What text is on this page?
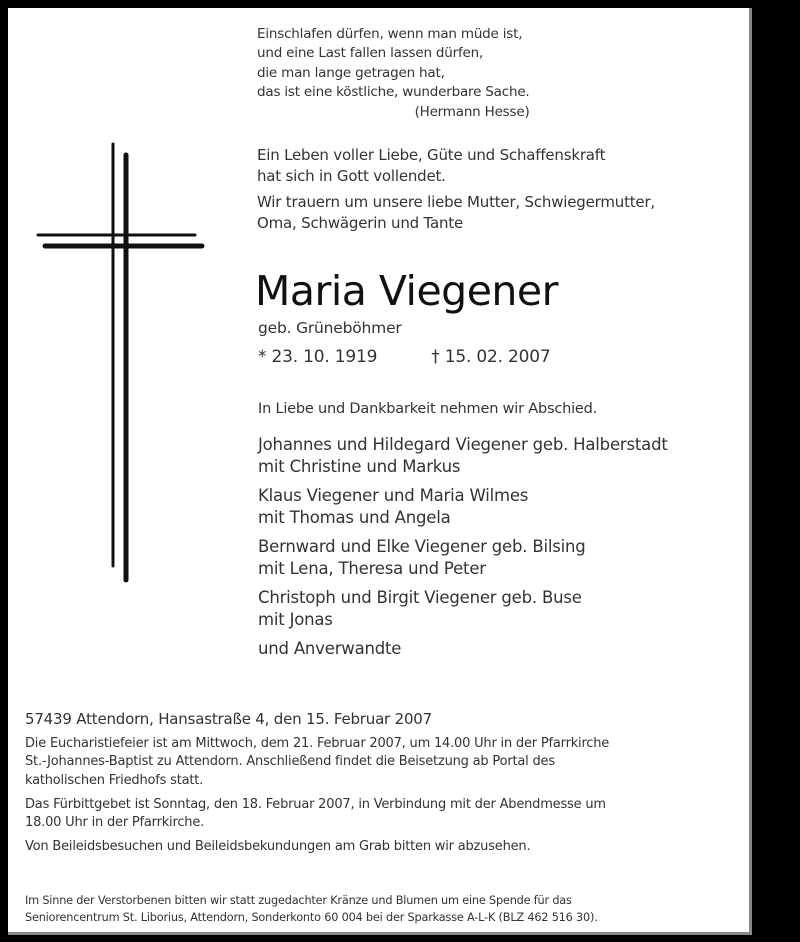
Einschlafen dürfen, wenn man müde ist,
und eine Last fallen lassen dürfen,
die man lange getragen hat,
das ist eine köstliche, wunderbare Sache.
(Hermann Hesse)

Ein Leben voller Liebe, Güte und Schaffenskraft
hat sich in Gott vollendet.

Wir trauern um unsere liebe Mutter, Schwiegermutter,
Oma, Schwägerin und Tante

Maria Viegener
geb. Grüneböhmer
* 23. 10. 1919	† 15. 02. 2007
In Liebe und Dankbarkeit nehmen wir Abschied.
Johannes und Hildegard Viegener geb. Halberstadt
mit Christine und Markus
Klaus Viegener und Maria Wilmes
mit Thomas und Angela
Bernward und Elke Viegener geb. Bilsing
mit Lena, Theresa und Peter
Christoph und Birgit Viegener geb. Buse
mit Jonas
und Anverwandte
57439 Attendorn, Hansastraße 4, den 15. Februar 2007

Die Eucharistiefeier ist am Mittwoch, dem 21. Februar 2007, um 14.00 Uhr in der Pfarrkirche
St.-Johannes-Baptist zu Attendorn. Anschließend findet die Beisetzung ab Portal des
katholischen Friedhofs statt.

Das Fürbittgebet ist Sonntag, den 18. Februar 2007, in Verbindung mit der Abendmesse um
18.00 Uhr in der Pfarrkirche.

Von Beileidsbesuchen und Beileidsbekundungen am Grab bitten wir abzusehen.

Im Sinne der Verstorbenen bitten wir statt zugedachter Kränze und Blumen um eine Spende für das
Seniorencentrum St. Liborius, Attendorn, Sonderkonto 60 004 bei der Sparkasse A-L-K (BLZ 462 516 30).
